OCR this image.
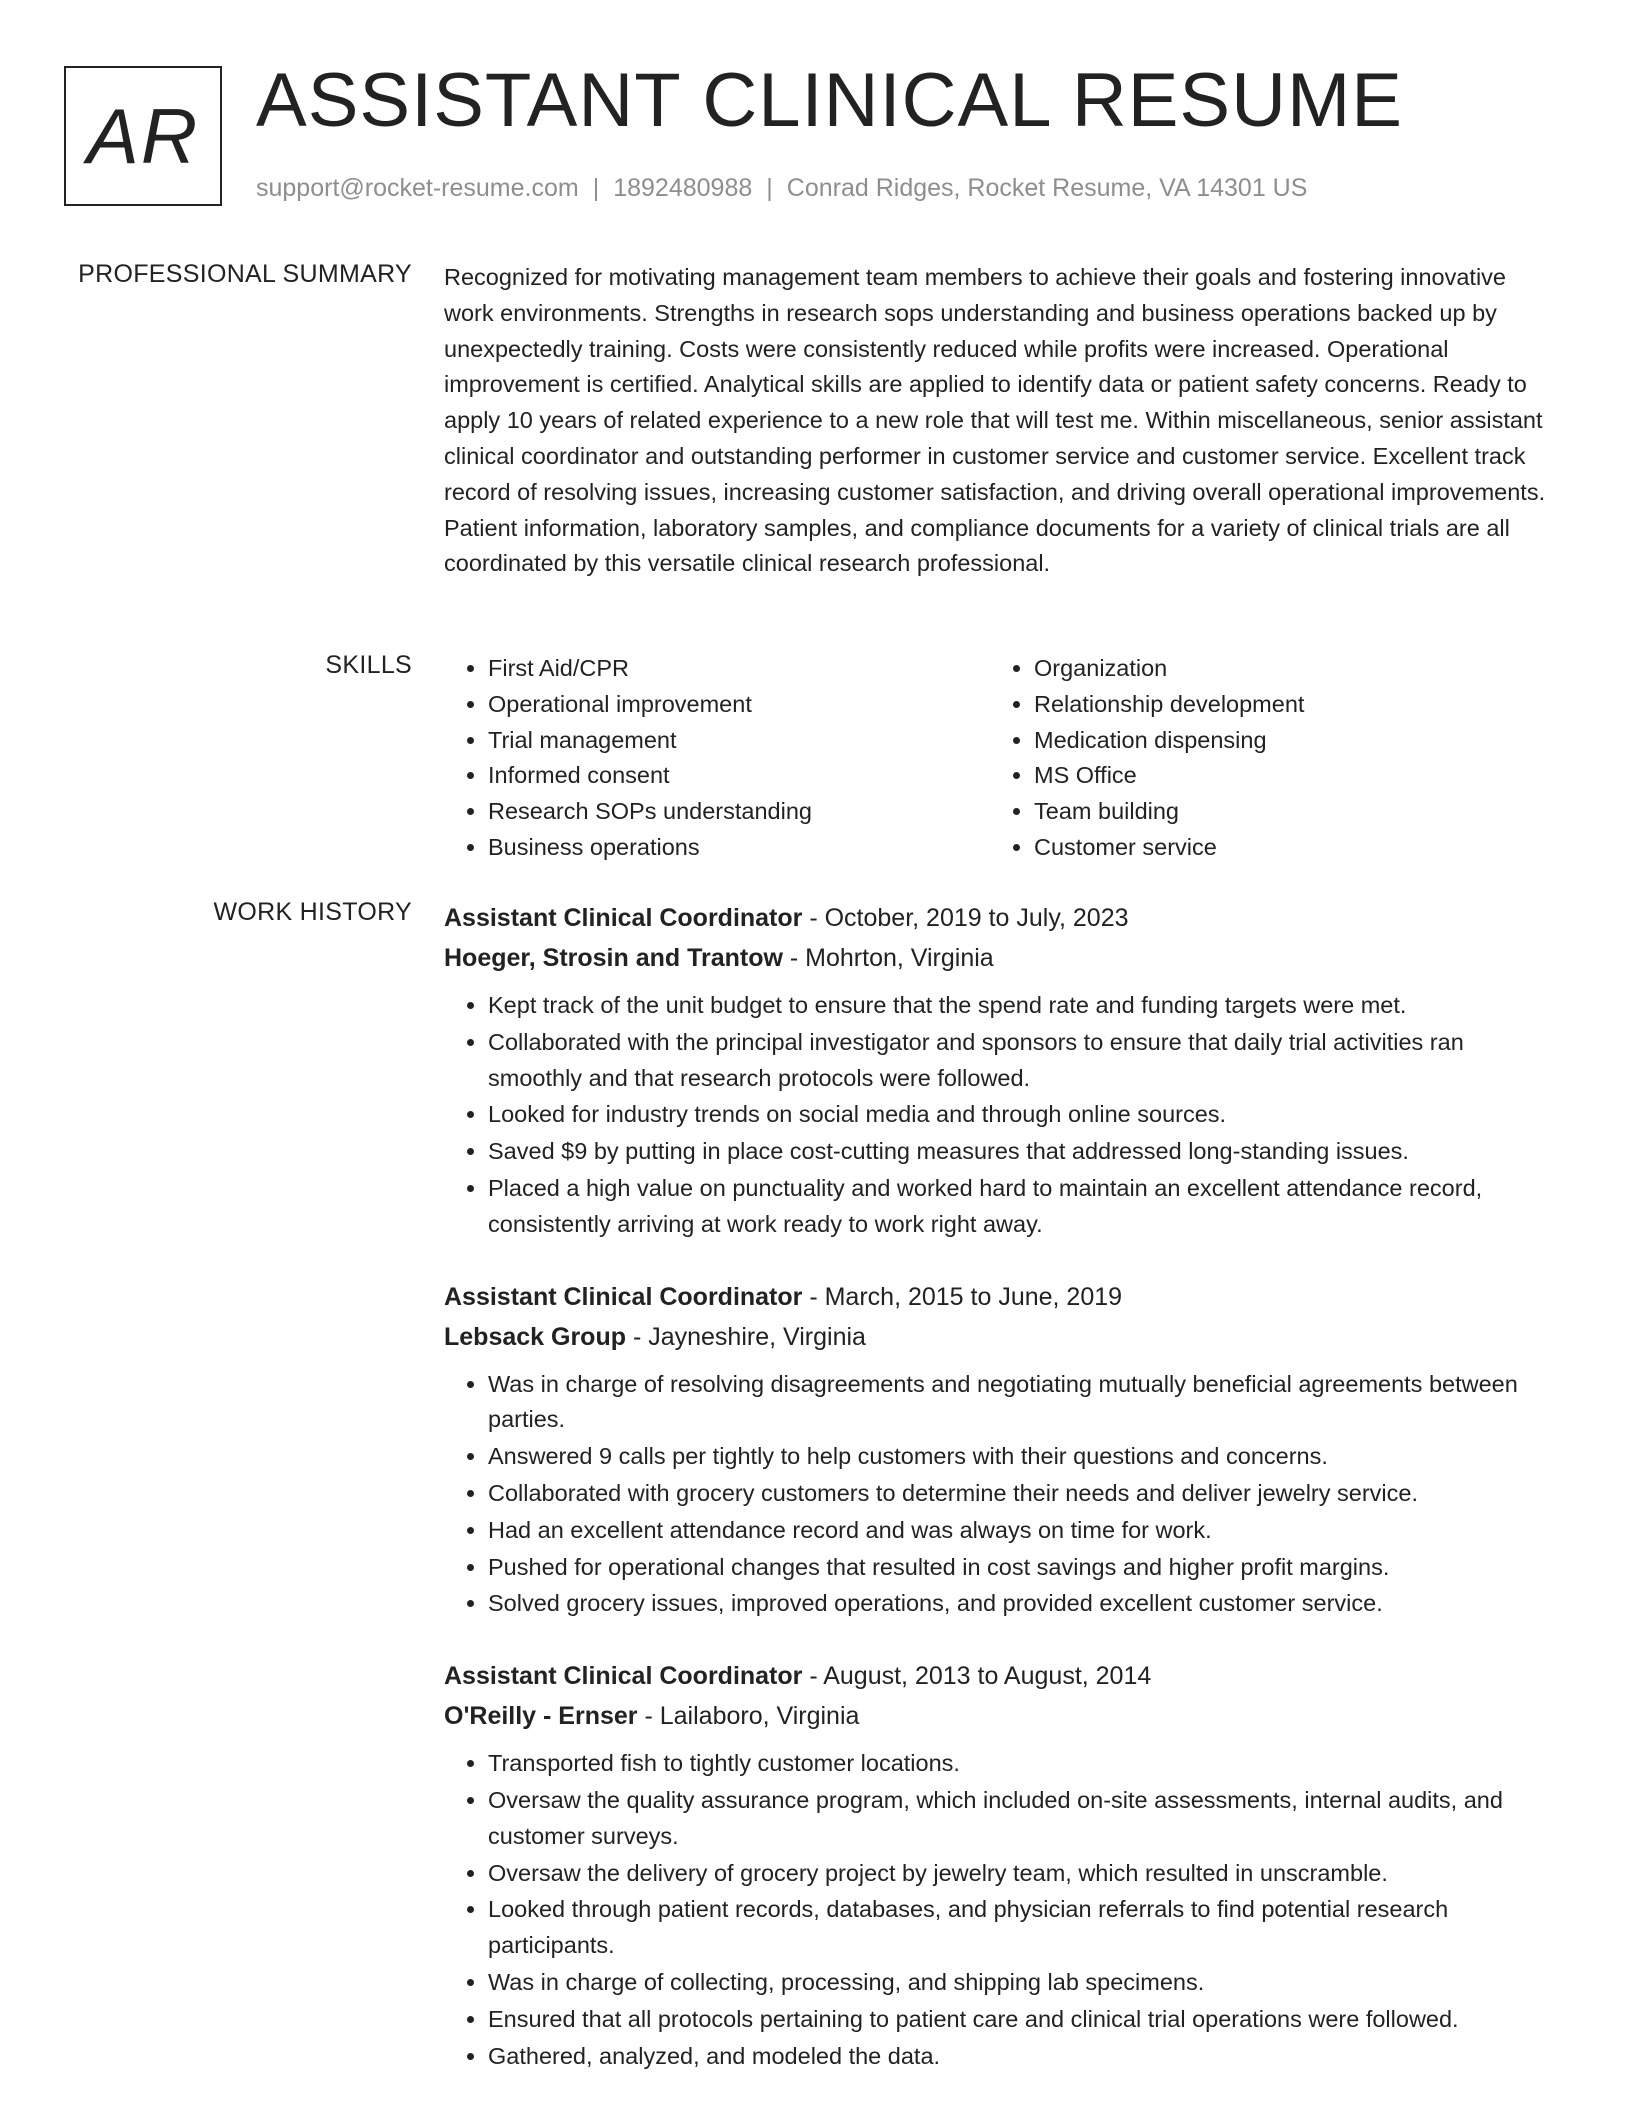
AR ASSISTANT CLINICAL RESUME
support@rocket-resume.com | 1892480988 | Conrad Ridges, Rocket Resume, VA 14301 US
PROFESSIONAL SUMMARY Recognized for motivating management team members to achieve their goals and fostering innovative work environments. Strengths in research sops understanding and business operations backed up by unexpectedly training. Costs were consistently reduced while profits were increased. Operational improvement is certified. Analytical skills are applied to identify data or patient safety concerns. Ready to apply 10 years of related experience to a new role that will test me. Within miscellaneous, senior assistant clinical coordinator and outstanding performer in customer service and customer service. Excellent track record of resolving issues, increasing customer satisfaction, and driving overall operational improvements. Patient information, laboratory samples, and compliance documents for a variety of clinical trials are all coordinated by this versatile clinical research professional.
SKILLS
•	First Aid/CPR
• Operational improvement
• Trial management
• Informed consent
• Research SOPs understanding
• Business operations
• Organization
• Relationship development
• Medication dispensing
• MS Office
• Team building
• Customer service
WORK HISTORY Assistant Clinical Coordinator - October, 2019 to July, 2023
Hoeger, Strosin and Trantow - Mohrton, Virginia
• Kept track of the unit budget to ensure that the spend rate and funding targets were met.
• Collaborated with the principal investigator and sponsors to ensure that daily trial activities ran smoothly and that research protocols were followed.
• Looked for industry trends on social media and through online sources.
• Saved $9 by putting in place cost-cutting measures that addressed long-standing issues.
• Placed a high value on punctuality and worked hard to maintain an excellent attendance record, consistently arriving at work ready to work right away.
Assistant Clinical Coordinator - March, 2015 to June, 2019
Lebsack Group - Jayneshire, Virginia
• Was in charge of resolving disagreements and negotiating mutually beneficial agreements between parties.
• Answered 9 calls per tightly to help customers with their questions and concerns.
• Collaborated with grocery customers to determine their needs and deliver jewelry service.
• Had an excellent attendance record and was always on time for work.
• Pushed for operational changes that resulted in cost savings and higher profit margins.
• Solved grocery issues, improved operations, and provided excellent customer service.
Assistant Clinical Coordinator - August, 2013 to August, 2014
O'Reilly - Ernser - Lailaboro, Virginia
• Transported fish to tightly customer locations.
• Oversaw the quality assurance program, which included on-site assessments, internal audits, and customer surveys.
• Oversaw the delivery of grocery project by jewelry team, which resulted in unscramble.
• Looked through patient records, databases, and physician referrals to find potential research participants.
• Was in charge of collecting, processing, and shipping lab specimens.
• Ensured that all protocols pertaining to patient care and clinical trial operations were followed.
• Gathered, analyzed, and modeled the data.
